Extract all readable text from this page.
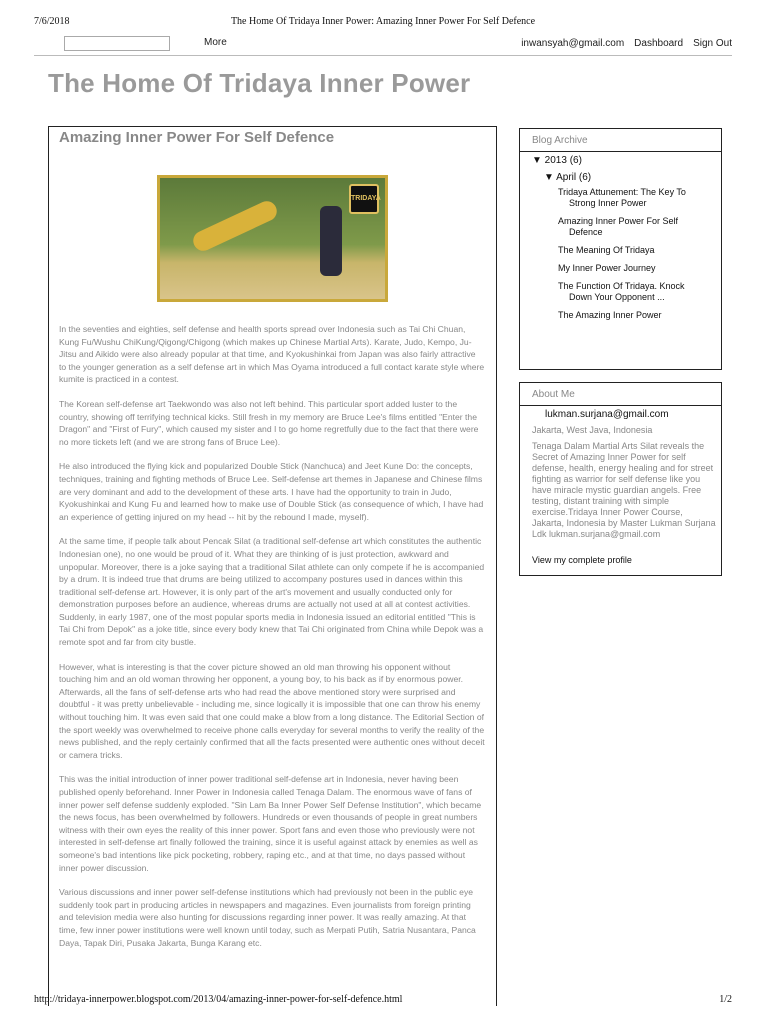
7/6/2018	The Home Of Tridaya Inner Power: Amazing Inner Power For Self Defence
More	inwansyah@gmail.com Dashboard Sign Out
The Home Of Tridaya Inner Power
Amazing Inner Power For Self Defence
TRIDAYA

In the seventies and eighties, self defense and health sports spread over Indonesia such as Tai Chi Chuan, Kung Fu/Wushu ChiKung/Qigong/Chigong (which makes up Chinese Martial Arts). Karate, Judo, Kempo, Ju-Jitsu and Aikido were also already popular at that time, and Kyokushinkai from Japan was also fairly attractive to the younger generation as a self defense art in which Mas Oyama introduced a full contact karate style where kumite is practiced in a contest.

The Korean self-defense art Taekwondo was also not left behind. This particular sport added luster to the country, showing off terrifying technical kicks. Still fresh in my memory are Bruce Lee's films entitled "Enter the Dragon" and "First of Fury", which caused my sister and I to go home regretfully due to the fact that there were no more tickets left (and we are strong fans of Bruce Lee).

He also introduced the flying kick and popularized Double Stick (Nanchuca) and Jeet Kune Do: the concepts, techniques, training and fighting methods of Bruce Lee. Self-defense art themes in Japanese and Chinese films are very dominant and add to the development of these arts. I have had the opportunity to train in Judo, Kyokushinkai and Kung Fu and learned how to make use of Double Stick (as consequence of which, I have had an experience of getting injured on my head -- hit by the rebound I made, myself).

At the same time, if people talk about Pencak Silat (a traditional self-defense art which constitutes the authentic Indonesian one), no one would be proud of it. What they are thinking of is just protection, awkward and unpopular. Moreover, there is a joke saying that a traditional Silat athlete can only compete if he is accompanied by a drum. It is indeed true that drums are being utilized to accompany postures used in dances within this traditional self-defense art. However, it is only part of the art's movement and usually conducted only for demonstration purposes before an audience, whereas drums are actually not used at all at contest activities. Suddenly, in early 1987, one of the most popular sports media in Indonesia issued an editorial entitled "This is Tai Chi from Depok" as a joke title, since every body knew that Tai Chi originated from China while Depok was a remote spot and far from city bustle.

However, what is interesting is that the cover picture showed an old man throwing his opponent without touching him and an old woman throwing her opponent, a young boy, to his back as if by enormous power. Afterwards, all the fans of self-defense arts who had read the above mentioned story were surprised and doubtful - it was pretty unbelievable - including me, since logically it is impossible that one can throw his enemy without touching him. It was even said that one could make a blow from a long distance. The Editorial Section of the sport weekly was overwhelmed to receive phone calls everyday for several months to verify the reality of the news published, and the reply certainly confirmed that all the facts presented were authentic ones without deceit or camera tricks.

This was the initial introduction of inner power traditional self-defense art in Indonesia, never having been published openly beforehand. Inner Power in Indonesia called Tenaga Dalam. The enormous wave of fans of inner power self defense suddenly exploded. "Sin Lam Ba Inner Power Self Defense Institution", which became the news focus, has been overwhelmed by followers. Hundreds or even thousands of people in great numbers witness with their own eyes the reality of this inner power. Sport fans and even those who previously were not interested in self-defense art finally followed the training, since it is useful against attack by enemies as well as someone's bad intentions like pick pocketing, robbery, raping etc., and at that time, no days passed without inner power discussion.

Various discussions and inner power self-defense institutions which had previously not been in the public eye suddenly took part in producing articles in newspapers and magazines. Even journalists from foreign printing and television media were also hunting for discussions regarding inner power. It was really amazing. At that time, few inner power institutions were well known until today, such as Merpati Putih, Satria Nusantara, Panca Daya, Tapak Diri, Pusaka Jakarta, Bunga Karang etc.

Blog Archive
▼ 2013 (6)
▼ April (6)
Tridaya Attunement: The Key To Strong Inner Power
Amazing Inner Power For Self Defence
The Meaning Of Tridaya
My Inner Power Journey
The Function Of Tridaya. Knock Down Your Opponent ...
The Amazing Inner Power
About Me
lukman.surjana@gmail.com
Jakarta, West Java, Indonesia
Tenaga Dalam Martial Arts Silat reveals the Secret of Amazing Inner Power for self defense, health, energy healing and for street fighting as warrior for self defense like you have miracle mystic guardian angels. Free testing, distant training with simple exercise.Tridaya Inner Power Course, Jakarta, Indonesia by Master Lukman Surjana Ldk lukman.surjana@gmail.com
View my complete profile
http://tridaya-innerpower.blogspot.com/2013/04/amazing-inner-power-for-self-defence.html	1/2
